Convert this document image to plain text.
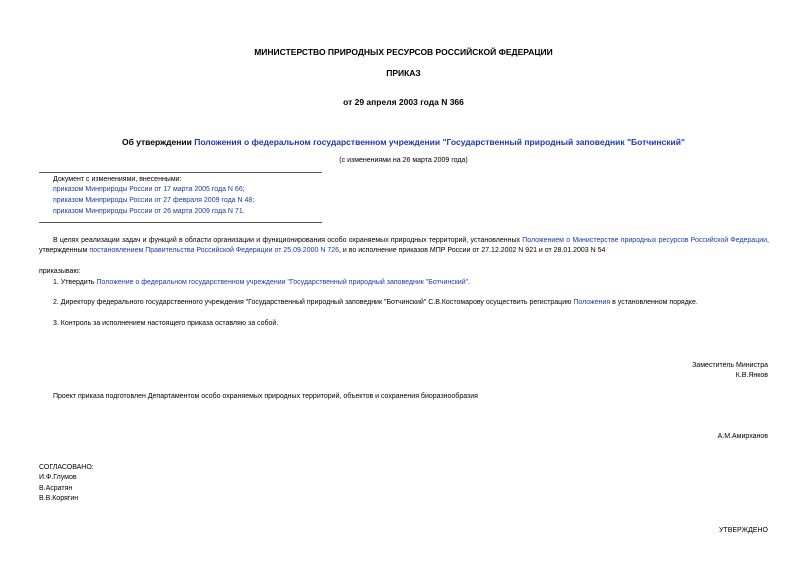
МИНИСТЕРСТВО ПРИРОДНЫХ РЕСУРСОВ РОССИЙСКОЙ ФЕДЕРАЦИИ
ПРИКАЗ
от 29 апреля 2003 года N 366
Об утверждении Положения о федеральном государственном учреждении "Государственный природный заповедник "Ботчинский"
(с изменениями на 26 марта 2009 года)
Документ с изменениями, внесенными:
приказом Минприроды России от 17 марта 2005 года N 66;
приказом Минприроды России от 27 февраля 2009 года N 48;
приказом Минприроды России от 26 марта 2009 года N 71.
В целях реализации задач и функций в области организации и функционирования особо охраняемых природных территорий, установленных Положением о Министерстве природных ресурсов Российской Федерации, утвержденным постановлением Правительства Российской Федерации от 25.09.2000 N 726, и во исполнение приказов МПР России от 27.12.2002 N 921 и от 28.01.2003 N 54
приказываю:
1. Утвердить Положение о федеральном государственном учреждении "Государственный природный заповедник "Ботчинский".
2. Директору федерального государственного учреждения "Государственный природный заповедник "Ботчинский" С.В.Костомарову осуществить регистрацию Положения в установленном порядке.
3. Контроль за исполнением настоящего приказа оставляю за собой.
Заместитель Министра
К.В.Янков
Проект приказа подготовлен Департаментом особо охраняемых природных территорий, объектов и сохранения биоразнообразия
А.М.Амирханов
СОГЛАСОВАНО:
И.Ф.Глумов
В.Асратян
В.В.Корягин
УТВЕРЖДЕНО
